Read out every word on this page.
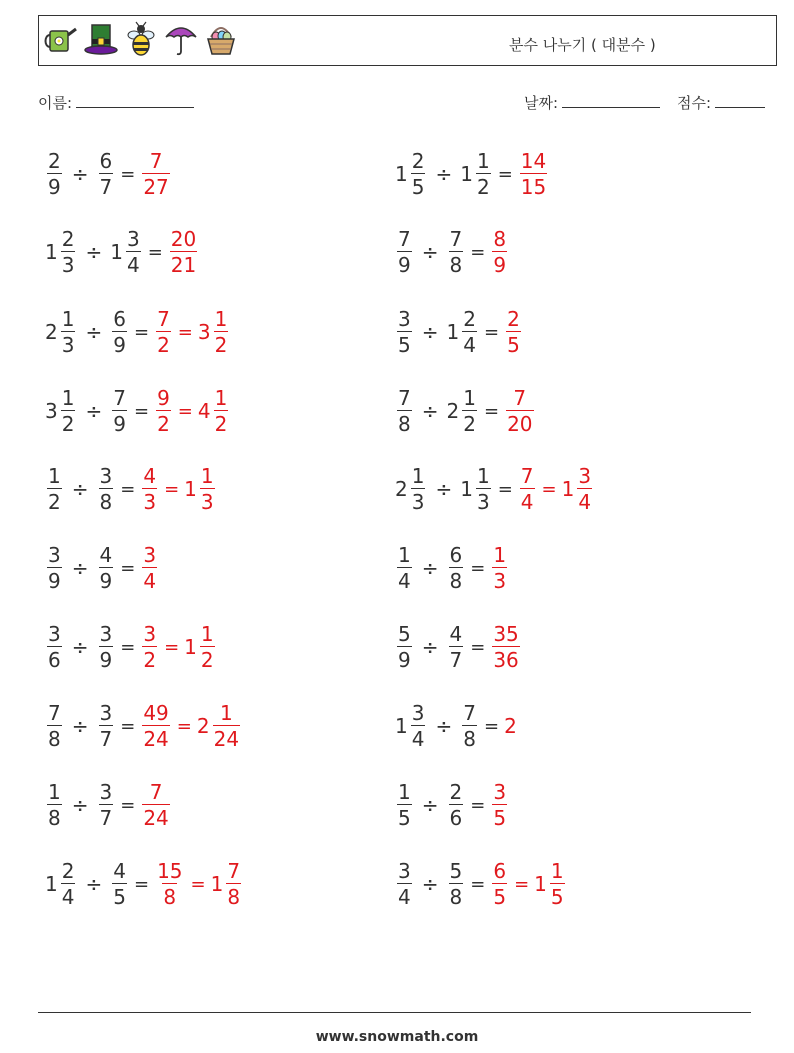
분수 나누기 ( 대분수 )
이름:	날짜:	점수:
$\frac{2}{9} \div \frac{6}{7} = \frac{7}{27}$	$1 \frac{2}{5} \div 1 \frac{1}{2} = \frac{14}{15}$
$1 \frac{2}{3} \div 1 \frac{3}{4} = \frac{20}{21}$	$\frac{7}{9} \div \frac{7}{8} = \frac{8}{9}$
$2 \frac{1}{3} \div \frac{6}{9} = \frac{7}{2} = 3 \frac{1}{2}$	$\frac{3}{5} \div 1 \frac{2}{4} = \frac{2}{5}$
$3 \frac{1}{2} \div \frac{7}{9} = \frac{9}{2} = 4 \frac{1}{2}$	$\frac{7}{8} \div 2 \frac{1}{2} = \frac{7}{20}$
$\frac{1}{2} \div \frac{3}{8} = \frac{4}{3} = 1 \frac{1}{3}$	$2 \frac{1}{3} \div 1 \frac{1}{3} = \frac{7}{4} = 1 \frac{3}{4}$
$\frac{3}{9} \div \frac{4}{9} = \frac{3}{4}$	$\frac{1}{4} \div \frac{6}{8} = \frac{1}{3}$
$\frac{3}{6} \div \frac{3}{9} = \frac{3}{2} = 1 \frac{1}{2}$	$\frac{5}{9} \div \frac{4}{7} = \frac{35}{36}$
$\frac{7}{8} \div \frac{3}{7} = \frac{49}{24} = 2 \frac{1}{24}$	$1 \frac{3}{4} \div \frac{7}{8} = 2$
$\frac{1}{8} \div \frac{3}{7} = \frac{7}{24}$	$\frac{1}{5} \div \frac{2}{6} = \frac{3}{5}$
$1 \frac{2}{4} \div \frac{4}{5} = \frac{15}{8} = 1 \frac{7}{8}$	$\frac{3}{4} \div \frac{5}{8} = \frac{6}{5} = 1 \frac{1}{5}$
www.snowmath.com
